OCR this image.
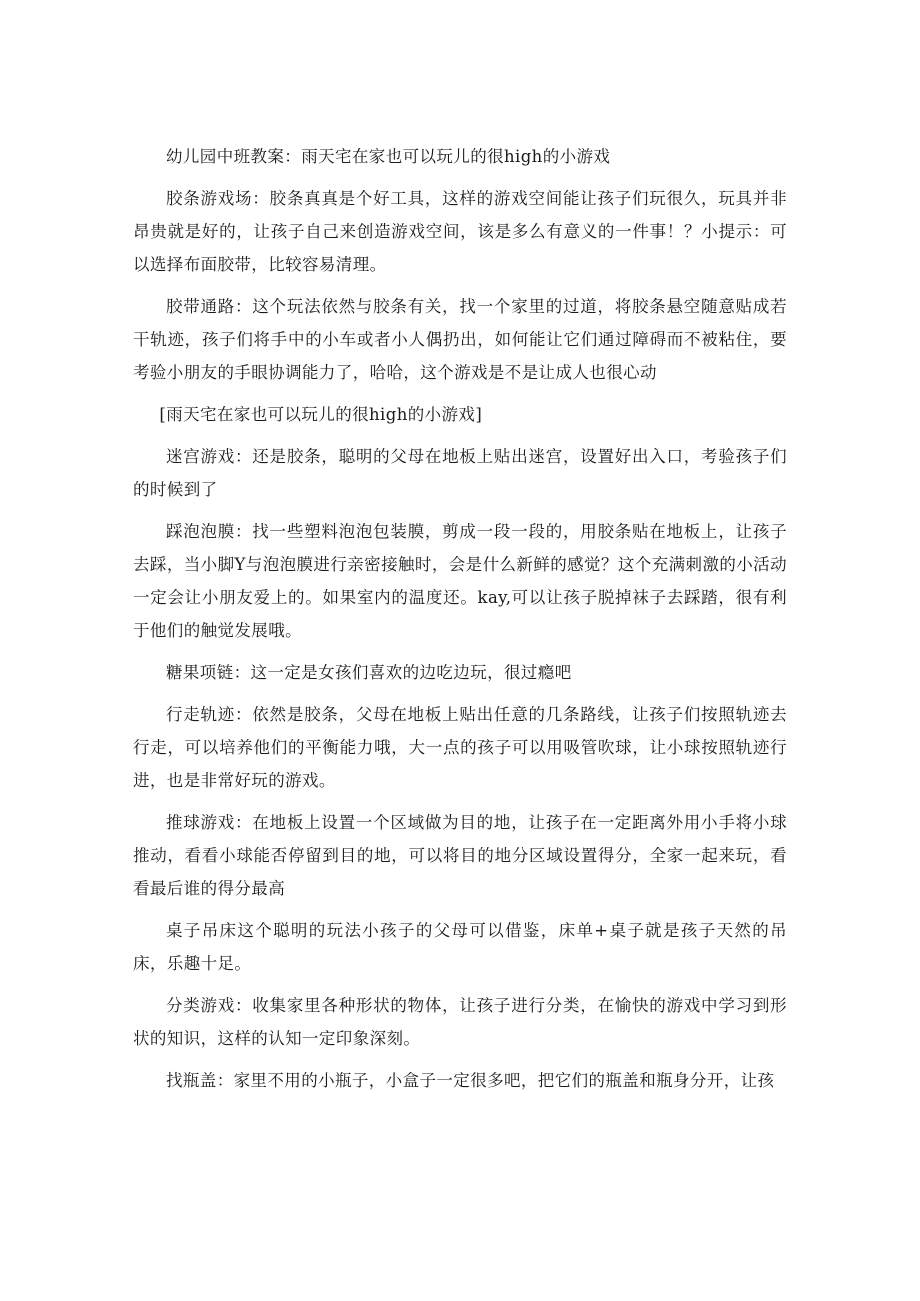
幼儿园中班教案：雨天宅在家也可以玩儿的很high的小游戏

胶条游戏场：胶条真真是个好工具，这样的游戏空间能让孩子们玩很久，玩具并非昂贵就是好的，让孩子自己来创造游戏空间，该是多么有意义的一件事！？小提示：可以选择布面胶带，比较容易清理。

胶带通路：这个玩法依然与胶条有关，找一个家里的过道，将胶条悬空随意贴成若干轨迹，孩子们将手中的小车或者小人偶扔出，如何能让它们通过障碍而不被粘住，要考验小朋友的手眼协调能力了，哈哈，这个游戏是不是让成人也很心动

[雨天宅在家也可以玩儿的很high的小游戏]

迷宫游戏：还是胶条，聪明的父母在地板上贴出迷宫，设置好出入口，考验孩子们的时候到了

踩泡泡膜：找一些塑料泡泡包装膜，剪成一段一段的，用胶条贴在地板上，让孩子去踩，当小脚Y与泡泡膜进行亲密接触时，会是什么新鲜的感觉？这个充满刺激的小活动一定会让小朋友爱上的。如果室内的温度还。kay,可以让孩子脱掉袜子去踩踏，很有利于他们的触觉发展哦。

糖果项链：这一定是女孩们喜欢的边吃边玩，很过瘾吧

行走轨迹：依然是胶条，父母在地板上贴出任意的几条路线，让孩子们按照轨迹去行走，可以培养他们的平衡能力哦，大一点的孩子可以用吸管吹球，让小球按照轨迹行进，也是非常好玩的游戏。

推球游戏：在地板上设置一个区域做为目的地，让孩子在一定距离外用小手将小球推动，看看小球能否停留到目的地，可以将目的地分区域设置得分，全家一起来玩，看看最后谁的得分最高

桌子吊床这个聪明的玩法小孩子的父母可以借鉴，床单+桌子就是孩子天然的吊床，乐趣十足。

分类游戏：收集家里各种形状的物体，让孩子进行分类，在愉快的游戏中学习到形状的知识，这样的认知一定印象深刻。

找瓶盖：家里不用的小瓶子，小盒子一定很多吧，把它们的瓶盖和瓶身分开，让孩
